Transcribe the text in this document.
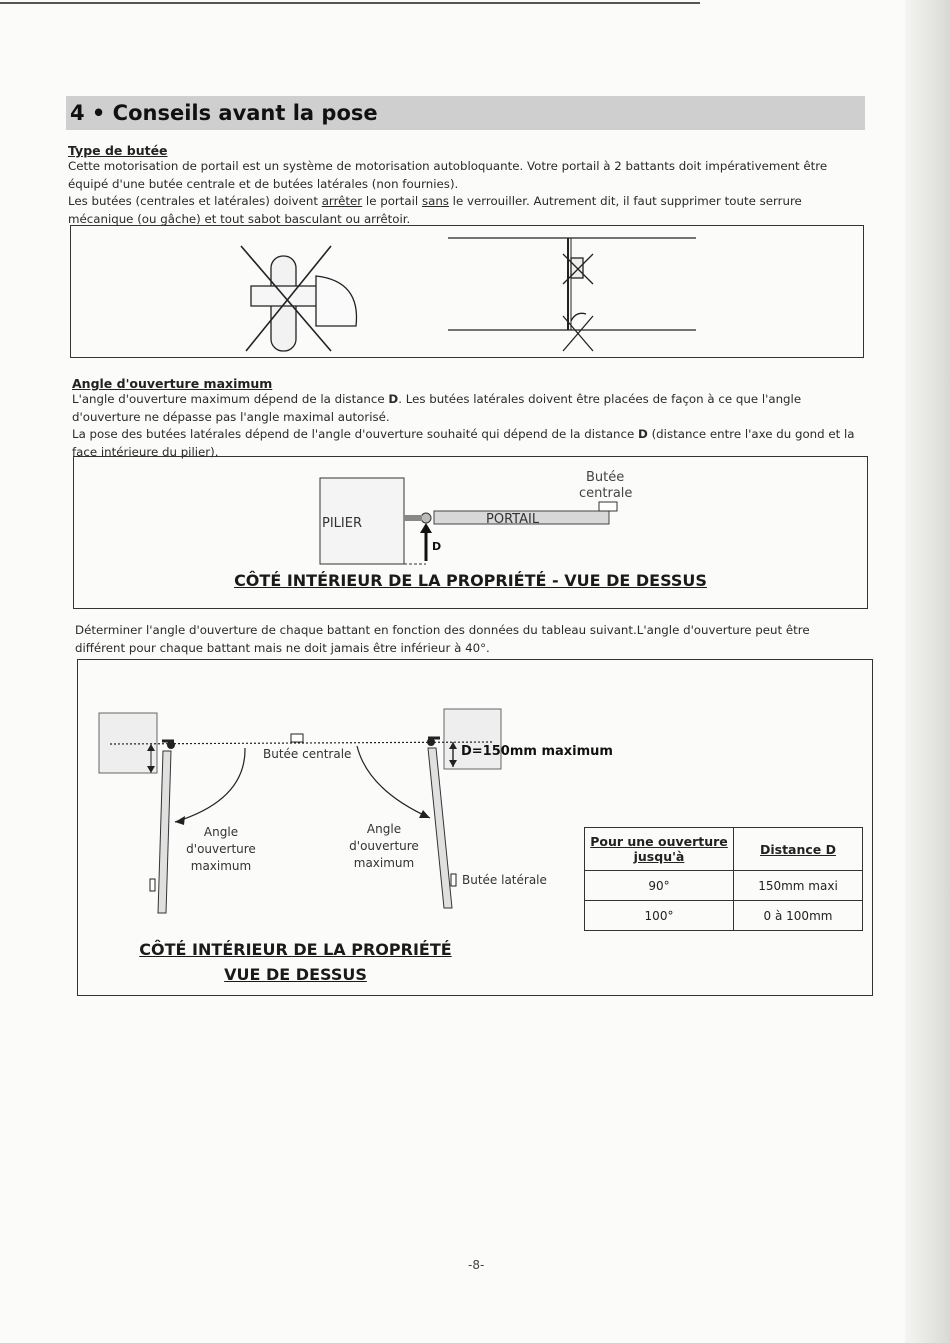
4 • Conseils avant la pose
Type de butée
Cette motorisation de portail est un système de motorisation autobloquante. Votre portail à 2 battants doit impérativement être équipé d'une butée centrale et de butées latérales (non fournies).
Les butées (centrales et latérales) doivent arrêter le portail sans le verrouiller. Autrement dit, il faut supprimer toute serrure mécanique (ou gâche) et tout sabot basculant ou arrêtoir.
Angle d'ouverture maximum
L'angle d'ouverture maximum dépend de la distance D. Les butées latérales doivent être placées de façon à ce que l'angle d'ouverture ne dépasse pas l'angle maximal autorisé.
La pose des butées latérales dépend de l'angle d'ouverture souhaité qui dépend de la distance D (distance entre l'axe du gond et la face intérieure du pilier).
PILIER	PORTAIL
Butée
centrale
D
CÔTÉ INTÉRIEUR DE LA PROPRIÉTÉ - VUE DE DESSUS
Déterminer l'angle d'ouverture de chaque battant en fonction des données du tableau suivant.L'angle d'ouverture peut être différent pour chaque battant mais ne doit jamais être inférieur à 40°.
Butée centrale	D=150mm maximum
Angle
d'ouverture
maximum
Angle
d'ouverture
maximum
Butée latérale
Pour une ouverture jusqu'à	Distance D
90°	150mm maxi
100°	0 à 100mm
CÔTÉ INTÉRIEUR DE LA PROPRIÉTÉ
VUE DE DESSUS
-8-
